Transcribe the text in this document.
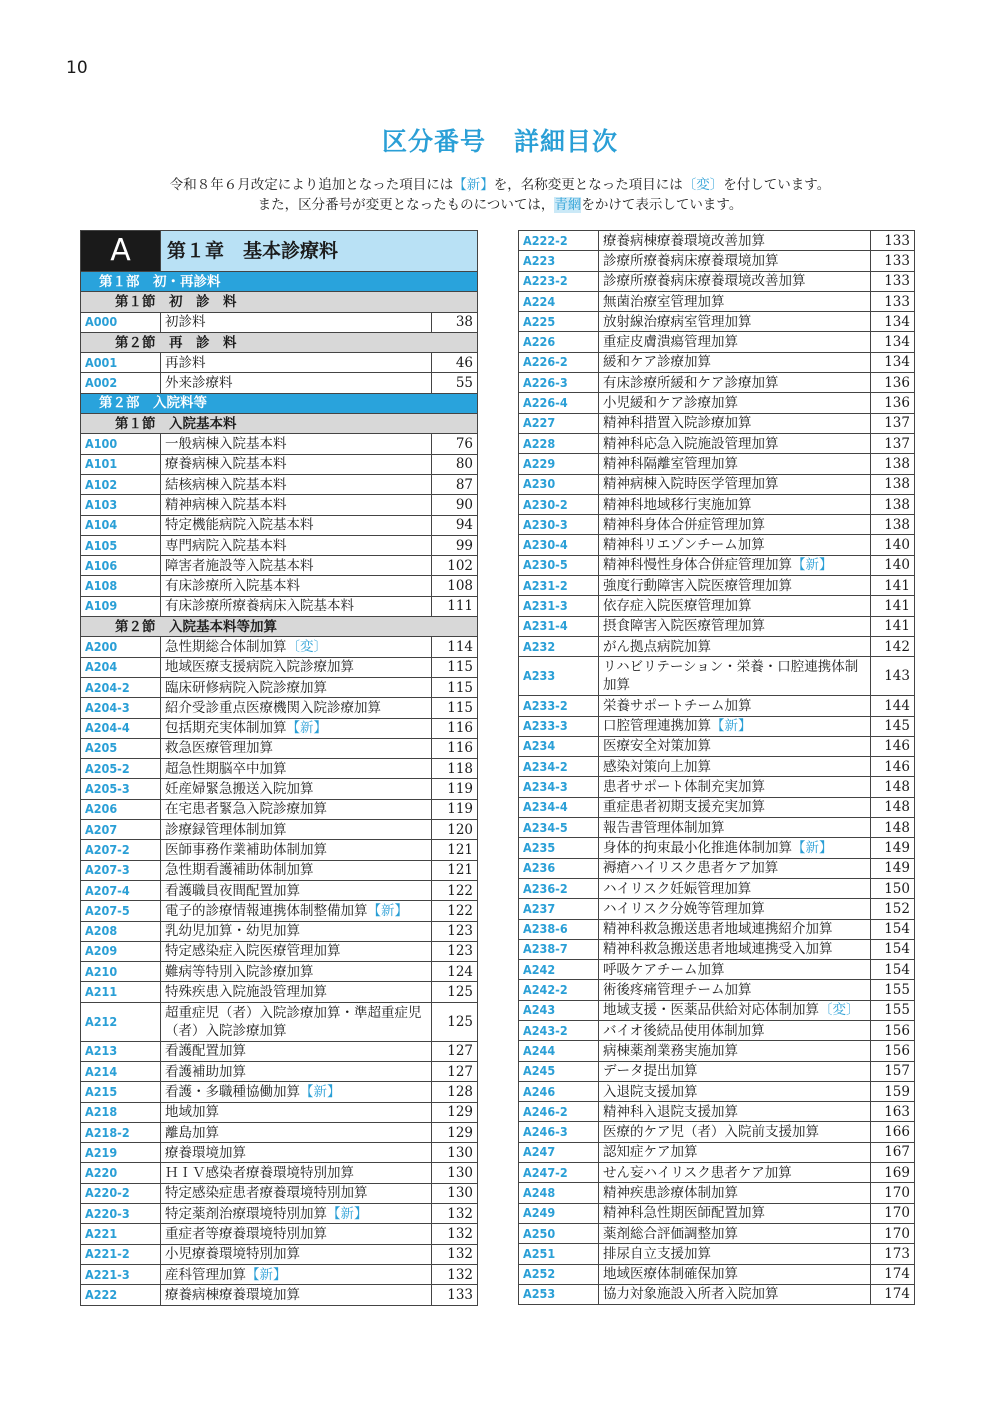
10
区分番号 詳細目次
令和８年６月改定により追加となった項目には【新】を，名称変更となった項目には〔変〕を付しています。
また，区分番号が変更となったものについては，青網をかけて表示しています。
A	第１章　基本診療料	
第１部　初・再診料		
第１節　初　診　料		
A000	初診料	38
第２節　再　診　料		
A001	再診料	46
A002	外来診療料	55
第２部　入院料等		
第１節　入院基本料		
A100	一般病棟入院基本料	76
A101	療養病棟入院基本料	80
A102	結核病棟入院基本料	87
A103	精神病棟入院基本料	90
A104	特定機能病院入院基本料	94
A105	専門病院入院基本料	99
A106	障害者施設等入院基本料	102
A108	有床診療所入院基本料	108
A109	有床診療所療養病床入院基本料	111
第２節　入院基本料等加算		
A200	急性期総合体制加算〔変〕	114
A204	地域医療支援病院入院診療加算	115
A204-2	臨床研修病院入院診療加算	115
A204-3	紹介受診重点医療機関入院診療加算	115
A204-4	包括期充実体制加算【新】	116
A205	救急医療管理加算	116
A205-2	超急性期脳卒中加算	118
A205-3	妊産婦緊急搬送入院加算	119
A206	在宅患者緊急入院診療加算	119
A207	診療録管理体制加算	120
A207-2	医師事務作業補助体制加算	121
A207-3	急性期看護補助体制加算	121
A207-4	看護職員夜間配置加算	122
A207-5	電子的診療情報連携体制整備加算【新】	122
A208	乳幼児加算・幼児加算	123
A209	特定感染症入院医療管理加算	123
A210	難病等特別入院診療加算	124
A211	特殊疾患入院施設管理加算	125
A212	超重症児（者）入院診療加算・準超重症児（者）入院診療加算	125
A213	看護配置加算	127
A214	看護補助加算	127
A215	看護・多職種協働加算【新】	128
A218	地域加算	129
A218-2	離島加算	129
A219	療養環境加算	130
A220	ＨＩＶ感染者療養環境特別加算	130
A220-2	特定感染症患者療養環境特別加算	130
A220-3	特定薬剤治療環境特別加算【新】	132
A221	重症者等療養環境特別加算	132
A221-2	小児療養環境特別加算	132
A221-3	産科管理加算【新】	132
A222	療養病棟療養環境加算	133
A222-2	療養病棟療養環境改善加算	133
A223	診療所療養病床療養環境加算	133
A223-2	診療所療養病床療養環境改善加算	133
A224	無菌治療室管理加算	133
A225	放射線治療病室管理加算	134
A226	重症皮膚潰瘍管理加算	134
A226-2	緩和ケア診療加算	134
A226-3	有床診療所緩和ケア診療加算	136
A226-4	小児緩和ケア診療加算	136
A227	精神科措置入院診療加算	137
A228	精神科応急入院施設管理加算	137
A229	精神科隔離室管理加算	138
A230	精神病棟入院時医学管理加算	138
A230-2	精神科地域移行実施加算	138
A230-3	精神科身体合併症管理加算	138
A230-4	精神科リエゾンチーム加算	140
A230-5	精神科慢性身体合併症管理加算【新】	140
A231-2	強度行動障害入院医療管理加算	141
A231-3	依存症入院医療管理加算	141
A231-4	摂食障害入院医療管理加算	141
A232	がん拠点病院加算	142
A233	リハビリテーション・栄養・口腔連携体制加算	143
A233-2	栄養サポートチーム加算	144
A233-3	口腔管理連携加算【新】	145
A234	医療安全対策加算	146
A234-2	感染対策向上加算	146
A234-3	患者サポート体制充実加算	148
A234-4	重症患者初期支援充実加算	148
A234-5	報告書管理体制加算	148
A235	身体的拘束最小化推進体制加算【新】	149
A236	褥瘡ハイリスク患者ケア加算	149
A236-2	ハイリスク妊娠管理加算	150
A237	ハイリスク分娩等管理加算	152
A238-6	精神科救急搬送患者地域連携紹介加算	154
A238-7	精神科救急搬送患者地域連携受入加算	154
A242	呼吸ケアチーム加算	154
A242-2	術後疼痛管理チーム加算	155
A243	地域支援・医薬品供給対応体制加算〔変〕	155
A243-2	バイオ後続品使用体制加算	156
A244	病棟薬剤業務実施加算	156
A245	データ提出加算	157
A246	入退院支援加算	159
A246-2	精神科入退院支援加算	163
A246-3	医療的ケア児（者）入院前支援加算	166
A247	認知症ケア加算	167
A247-2	せん妄ハイリスク患者ケア加算	169
A248	精神疾患診療体制加算	170
A249	精神科急性期医師配置加算	170
A250	薬剤総合評価調整加算	170
A251	排尿自立支援加算	173
A252	地域医療体制確保加算	174
A253	協力対象施設入所者入院加算	174
